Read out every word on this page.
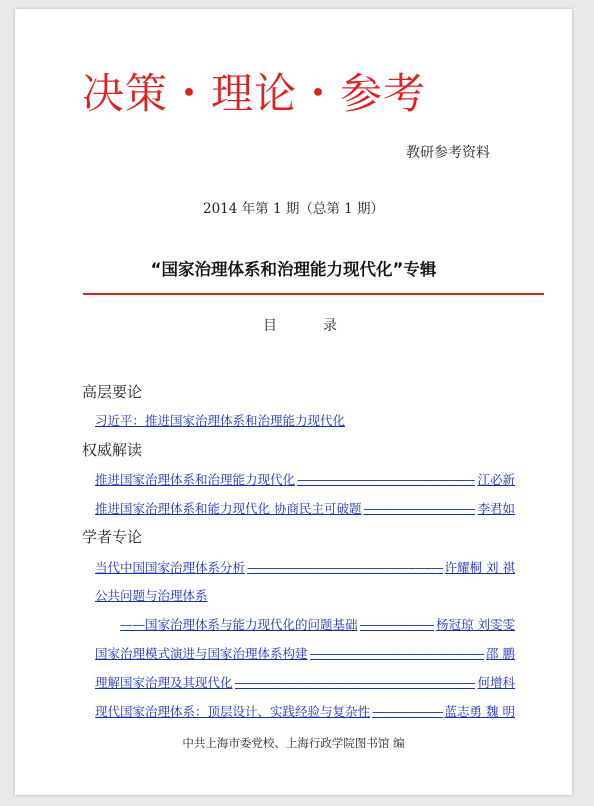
决策・理论・参考
教研参考资料
2014 年第 1 期（总第 1 期）
“国家治理体系和治理能力现代化”专辑
目　　　录
高层要论
习近平：推进国家治理体系和治理能力现代化
权威解读
推进国家治理体系和治理能力现代化 -----	江必新
推进国家治理体系和能力现代化 协商民主可破题 -----	李君如
学者专论
当代中国国家治理体系分析 -----	许耀桐 刘 祺
公共问题与治理体系
——国家治理体系与能力现代化的问题基础 -----	杨冠琼 刘雯雯
国家治理模式演进与国家治理体系构建 -----	邵 鹏
理解国家治理及其现代化 -----	何增科
现代国家治理体系：顶层设计、实践经验与复杂性 -----	蓝志勇 魏 明
中共上海市委党校、上海行政学院图书馆 编
